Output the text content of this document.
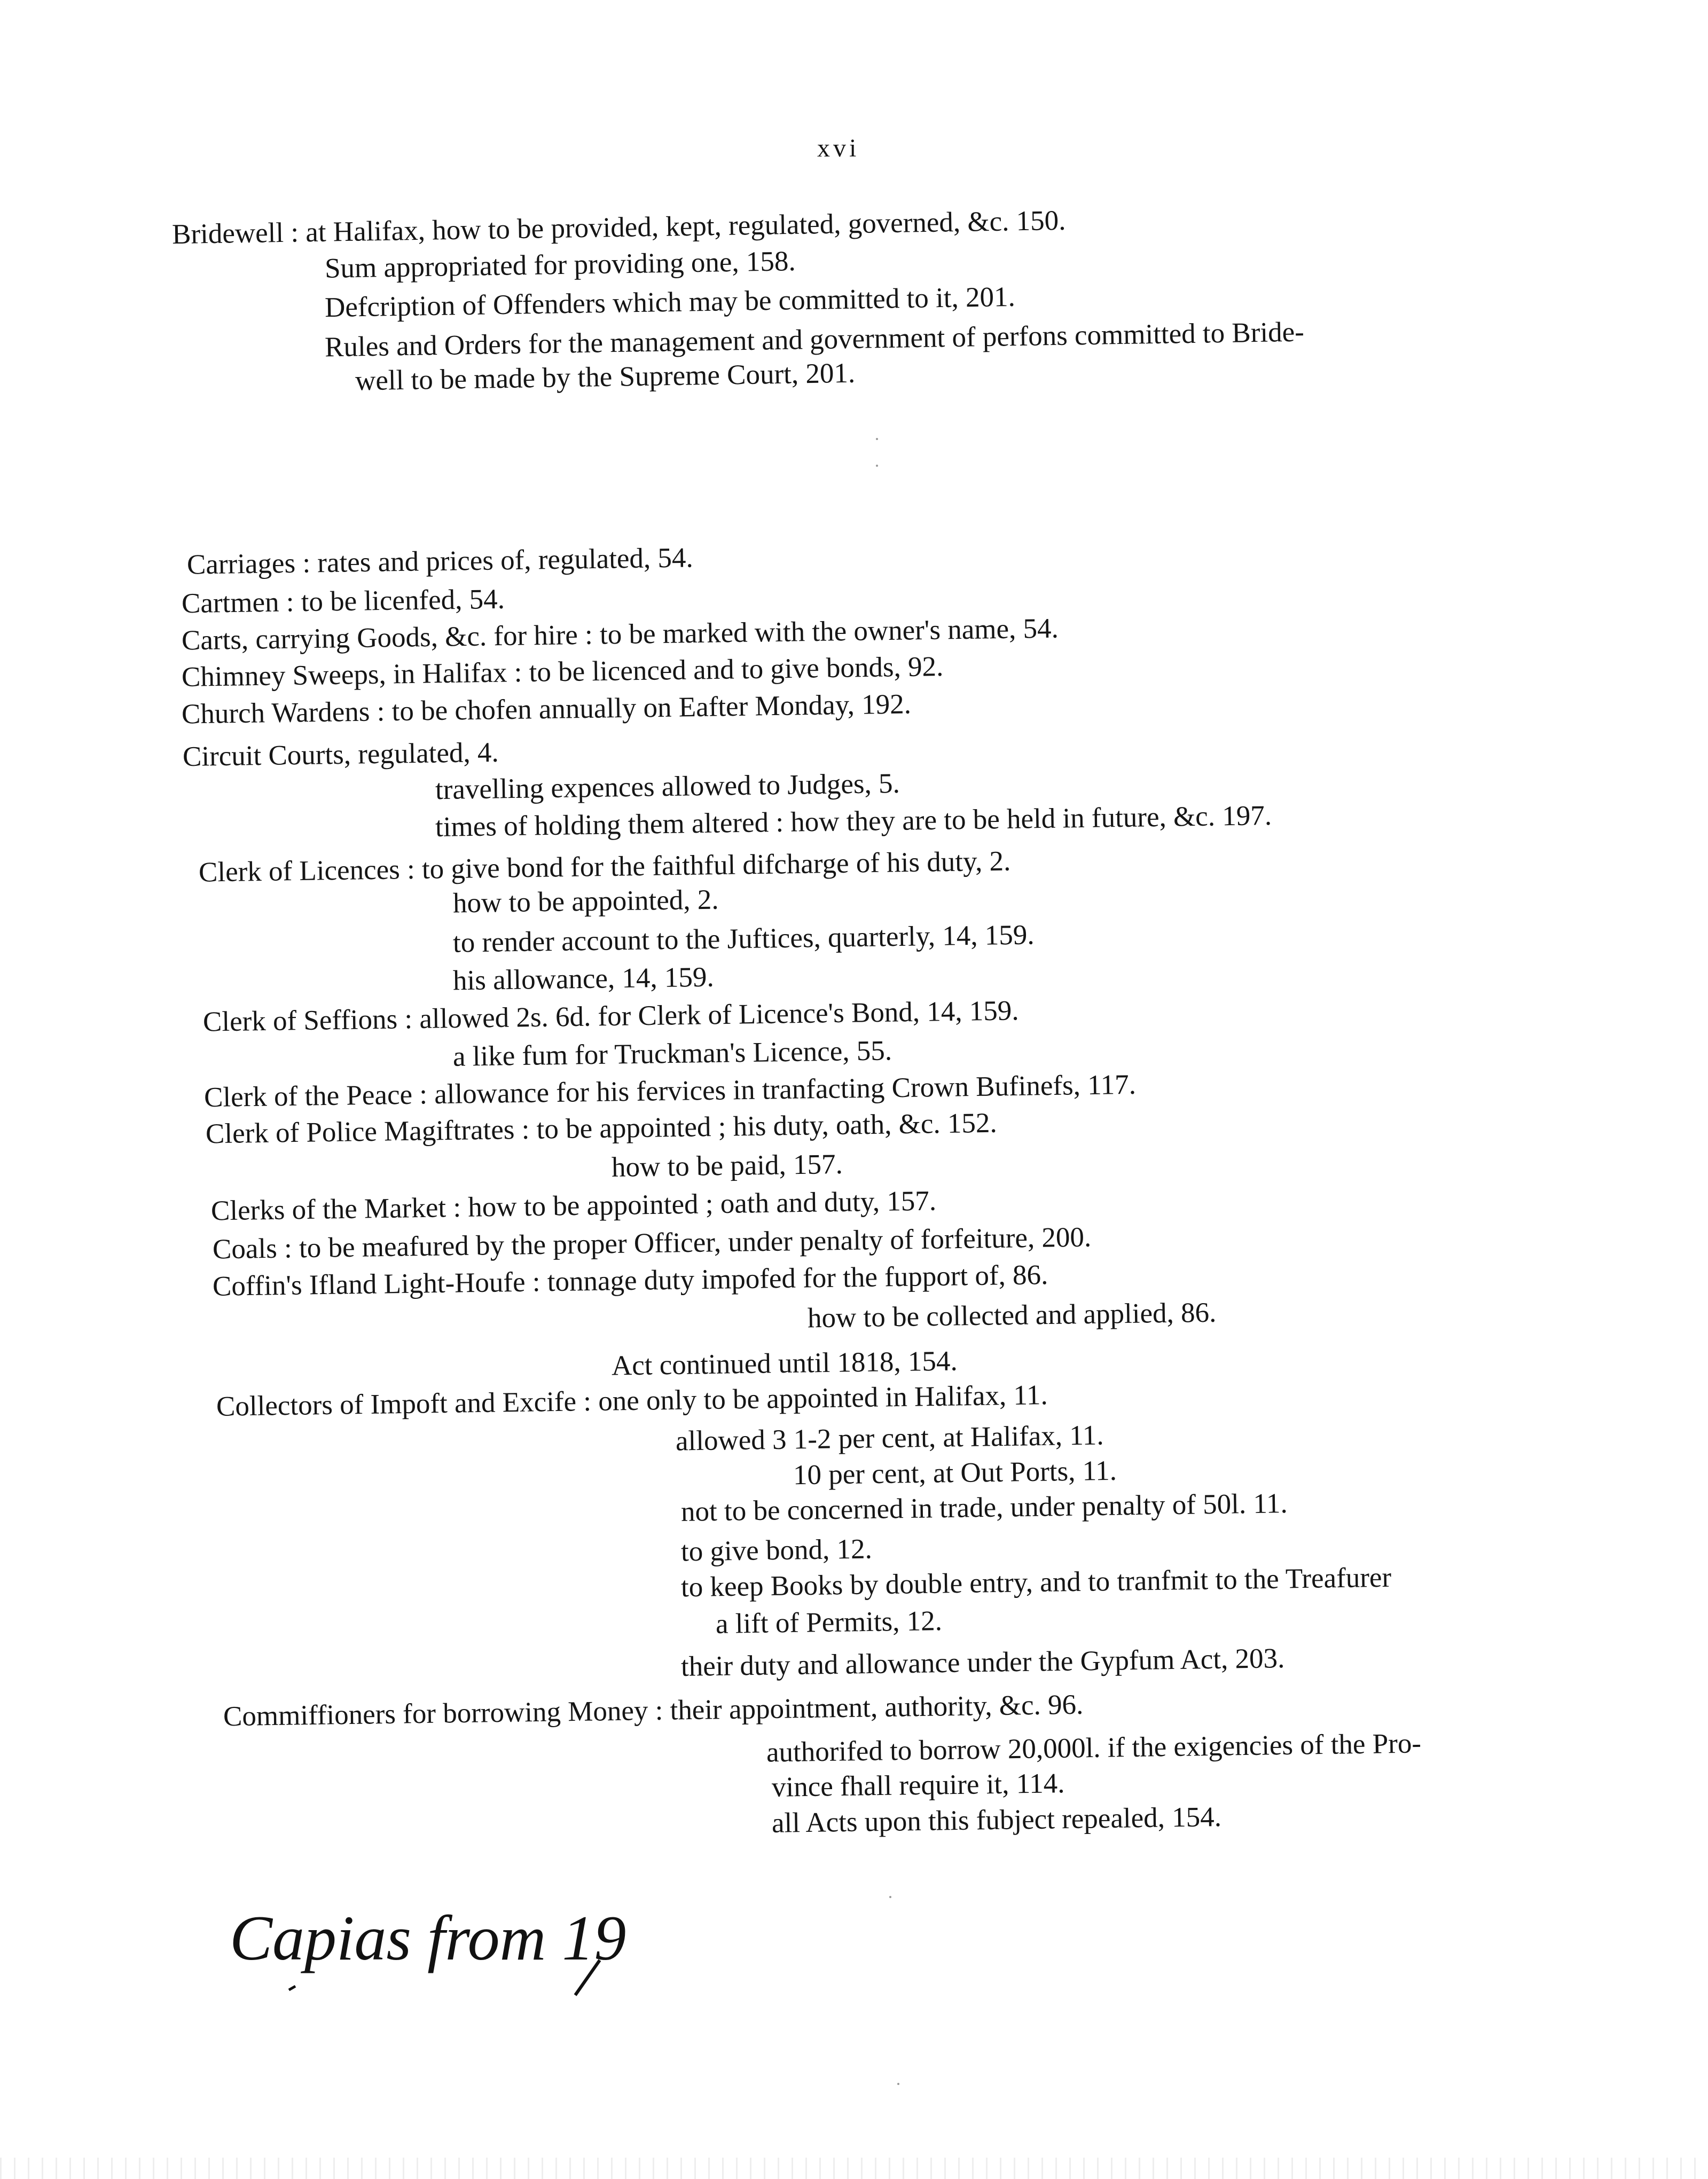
xvi
Bridewell : at Halifax, how to be provided, kept, regulated, governed, &c. 150.
Sum appropriated for providing one, 158.
Defcription of Offenders which may be committed to it, 201.
Rules and Orders for the management and government of perfons committed to Bride-
well to be made by the Supreme Court, 201.
Carriages : rates and prices of, regulated, 54.
Cartmen : to be licenfed, 54.
Carts, carrying Goods, &c. for hire : to be marked with the owner's name, 54.
Chimney Sweeps, in Halifax : to be licenced and to give bonds, 92.
Church Wardens : to be chofen annually on Eafter Monday, 192.
Circuit Courts, regulated, 4.
travelling expences allowed to Judges, 5.
times of holding them altered : how they are to be held in future, &c. 197.
Clerk of Licences : to give bond for the faithful difcharge of his duty, 2.
how to be appointed, 2.
to render account to the Juftices, quarterly, 14, 159.
his allowance, 14, 159.
Clerk of Seffions : allowed 2s. 6d. for Clerk of Licence's Bond, 14, 159.
a like fum for Truckman's Licence, 55.
Clerk of the Peace : allowance for his fervices in tranfacting Crown Bufinefs, 117.
Clerk of Police Magiftrates : to be appointed ; his duty, oath, &c. 152.
how to be paid, 157.
Clerks of the Market : how to be appointed ; oath and duty, 157.
Coals : to be meafured by the proper Officer, under penalty of forfeiture, 200.
Coffin's Ifland Light-Houfe : tonnage duty impofed for the fupport of, 86.
how to be collected and applied, 86.
Act continued until 1818, 154.
Collectors of Impoft and Excife : one only to be appointed in Halifax, 11.
allowed 3 1-2 per cent, at Halifax, 11.
10 per cent, at Out Ports, 11.
not to be concerned in trade, under penalty of 50l. 11.
to give bond, 12.
to keep Books by double entry, and to tranfmit to the Treafurer
a lift of Permits, 12.
their duty and allowance under the Gypfum Act, 203.
Commiffioners for borrowing Money : their appointment, authority, &c. 96.
authorifed to borrow 20,000l. if the exigencies of the Pro-
vince fhall require it, 114.
all Acts upon this fubject repealed, 154.
Capias from 19
